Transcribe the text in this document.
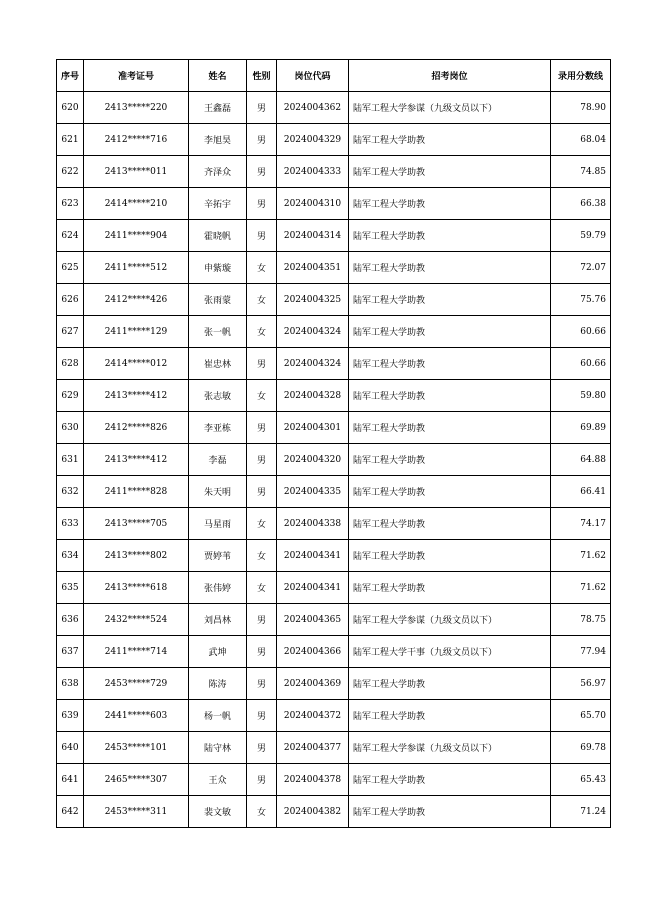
序号	准考证号	姓名	性别	岗位代码	招考岗位	录用分数线
620	2413*****220	王鑫磊	男	2024004362	陆军工程大学参谋（九级文员以下）	78.90
621	2412*****716	李旭昊	男	2024004329	陆军工程大学助教	68.04
622	2413*****011	齐泽众	男	2024004333	陆军工程大学助教	74.85
623	2414*****210	辛拓宇	男	2024004310	陆军工程大学助教	66.38
624	2411*****904	霍晓帆	男	2024004314	陆军工程大学助教	59.79
625	2411*****512	申紫璇	女	2024004351	陆军工程大学助教	72.07
626	2412*****426	张雨蒙	女	2024004325	陆军工程大学助教	75.76
627	2411*****129	张一帆	女	2024004324	陆军工程大学助教	60.66
628	2414*****012	崔忠林	男	2024004324	陆军工程大学助教	60.66
629	2413*****412	张志敏	女	2024004328	陆军工程大学助教	59.80
630	2412*****826	李亚栋	男	2024004301	陆军工程大学助教	69.89
631	2413*****412	李磊	男	2024004320	陆军工程大学助教	64.88
632	2411*****828	朱天明	男	2024004335	陆军工程大学助教	66.41
633	2413*****705	马星雨	女	2024004338	陆军工程大学助教	74.17
634	2413*****802	贾婷苇	女	2024004341	陆军工程大学助教	71.62
635	2413*****618	张伟婷	女	2024004341	陆军工程大学助教	71.62
636	2432*****524	刘昌林	男	2024004365	陆军工程大学参谋（九级文员以下）	78.75
637	2411*****714	武坤	男	2024004366	陆军工程大学干事（九级文员以下）	77.94
638	2453*****729	陈涛	男	2024004369	陆军工程大学助教	56.97
639	2441*****603	杨一帆	男	2024004372	陆军工程大学助教	65.70
640	2453*****101	陆守林	男	2024004377	陆军工程大学参谋（九级文员以下）	69.78
641	2465*****307	王众	男	2024004378	陆军工程大学助教	65.43
642	2453*****311	裴文敏	女	2024004382	陆军工程大学助教	71.24
